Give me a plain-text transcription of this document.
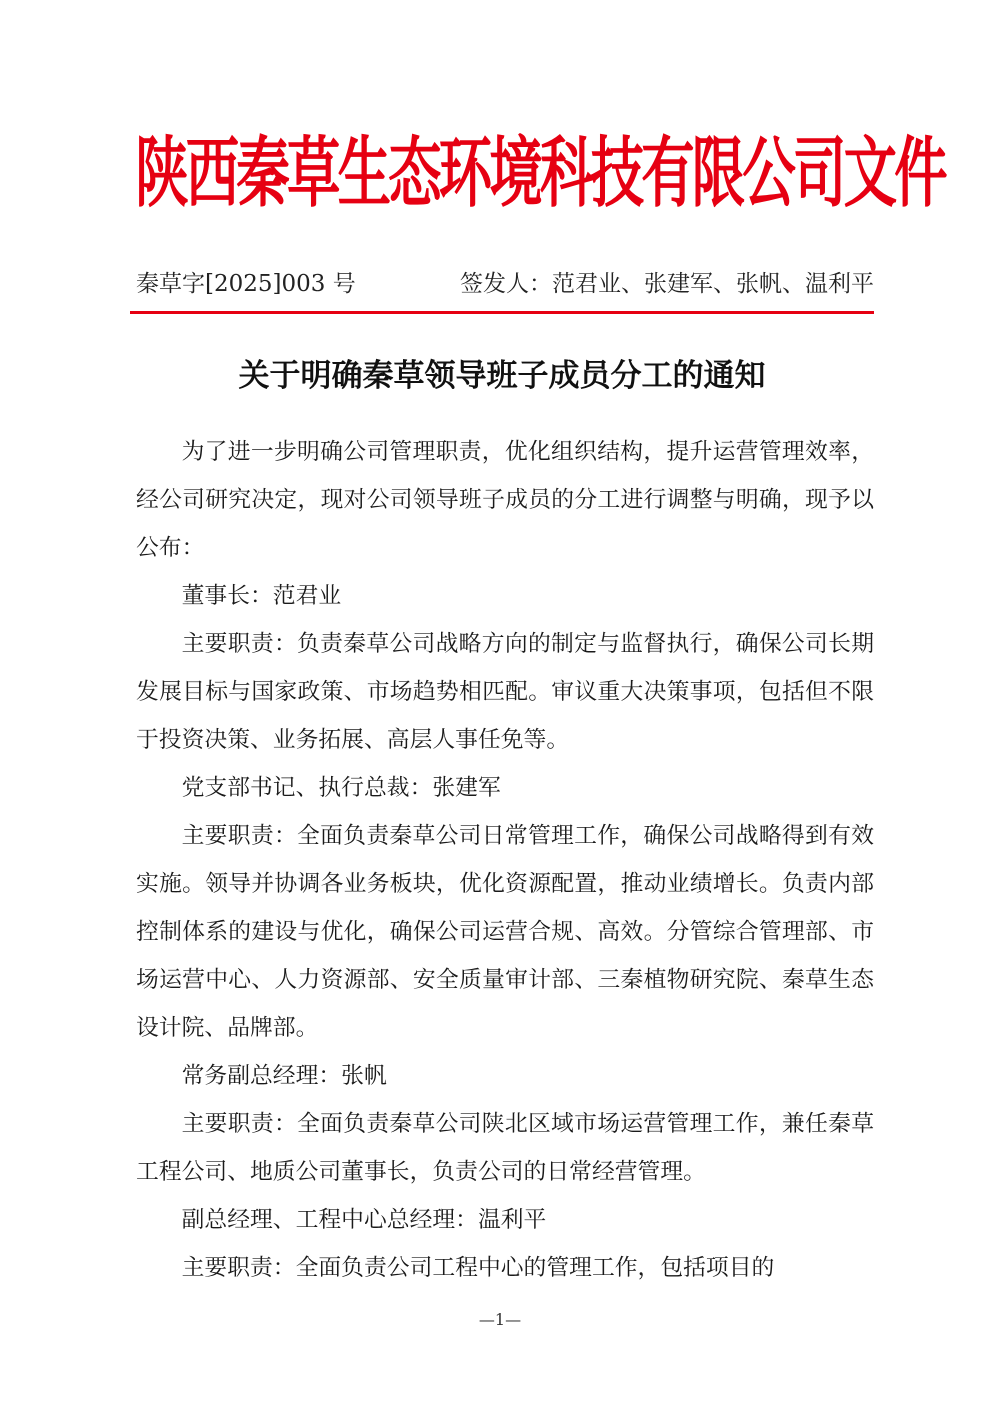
陕西秦草生态环境科技有限公司文件
秦草字[2025]003 号	签发人：范君业、张建军、张帆、温利平
关于明确秦草领导班子成员分工的通知

为了进一步明确公司管理职责，优化组织结构，提升运营管理效率，经公司研究决定，现对公司领导班子成员的分工进行调整与明确，现予以公布：

董事长：范君业

主要职责：负责秦草公司战略方向的制定与监督执行，确保公司长期发展目标与国家政策、市场趋势相匹配。审议重大决策事项，包括但不限于投资决策、业务拓展、高层人事任免等。

党支部书记、执行总裁：张建军

主要职责：全面负责秦草公司日常管理工作，确保公司战略得到有效实施。领导并协调各业务板块，优化资源配置，推动业绩增长。负责内部控制体系的建设与优化，确保公司运营合规、高效。分管综合管理部、市场运营中心、人力资源部、安全质量审计部、三秦植物研究院、秦草生态设计院、品牌部。

常务副总经理：张帆

主要职责：全面负责秦草公司陕北区域市场运营管理工作，兼任秦草工程公司、地质公司董事长，负责公司的日常经营管理。

副总经理、工程中心总经理：温利平

主要职责：全面负责公司工程中心的管理工作，包括项目的

—1—
